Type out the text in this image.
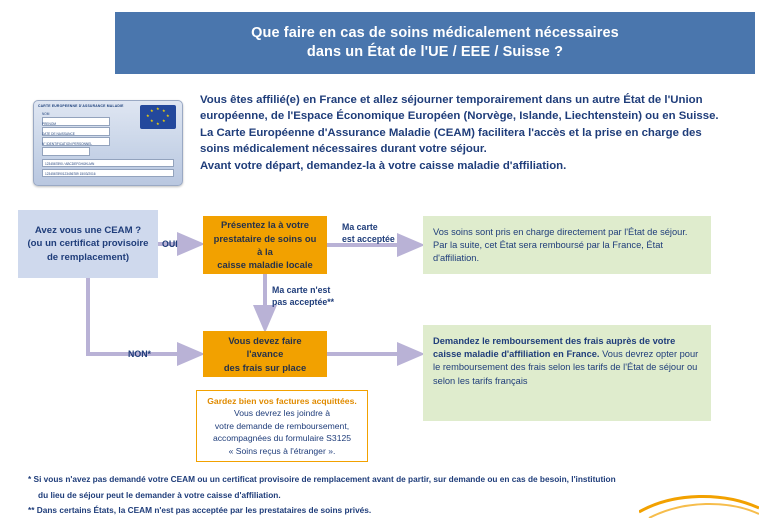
Que faire en cas de soins médicalement nécessaires
dans un État de l'UE / EEE / Suisse ?
CARTE EUROPEENNE D'ASSURANCE MALADIE	★ ★
★
★
★
★
★
★
NOM
PRENOM
DATE DE NAISSANCE
N° IDENTIFICATION PERSONNEL
1234567890 / ABCDEFGHIJKLMN
1234567890123456789 15/03/2016

Vous êtes affilié(e) en France et allez séjourner temporairement dans un autre État de l'Union

européenne, de l'Espace Économique Européen (Norvège, Islande, Liechtenstein) ou en Suisse.

La Carte Européenne d'Assurance Maladie (CEAM) facilitera l'accès et la prise en charge des

soins médicalement nécessaires durant votre séjour.

Avant votre départ, demandez-la à votre caisse maladie d'affiliation.

Avez vous une CEAM ?
(ou un certificat provisoire
de remplacement)
OUI
NON*
Présentez la à votre
prestataire de soins ou à la
caisse maladie locale
Ma carte
est acceptée
Ma carte n'est
pas acceptée**
Vous devez faire l'avance
des frais sur place
Vos soins sont pris en charge directement par l'État de séjour.
Par la suite, cet État sera remboursé par la France, État d'affiliation.
Demandez le remboursement des frais auprès de votre caisse maladie d'affiliation en France. Vous devrez opter pour le remboursement des frais selon les tarifs de l'État de séjour ou selon les tarifs français
Gardez bien vos factures acquittées.
Vous devrez les joindre à
votre demande de remboursement,
accompagnées du formulaire S3125
« Soins reçus à l'étranger ».

* Si vous n'avez pas demandé votre CEAM ou un certificat provisoire de remplacement avant de partir, sur demande ou en cas de besoin, l'institution

du lieu de séjour peut le demander à votre caisse d'affiliation.

** Dans certains États, la CEAM n'est pas acceptée par les prestataires de soins privés.
